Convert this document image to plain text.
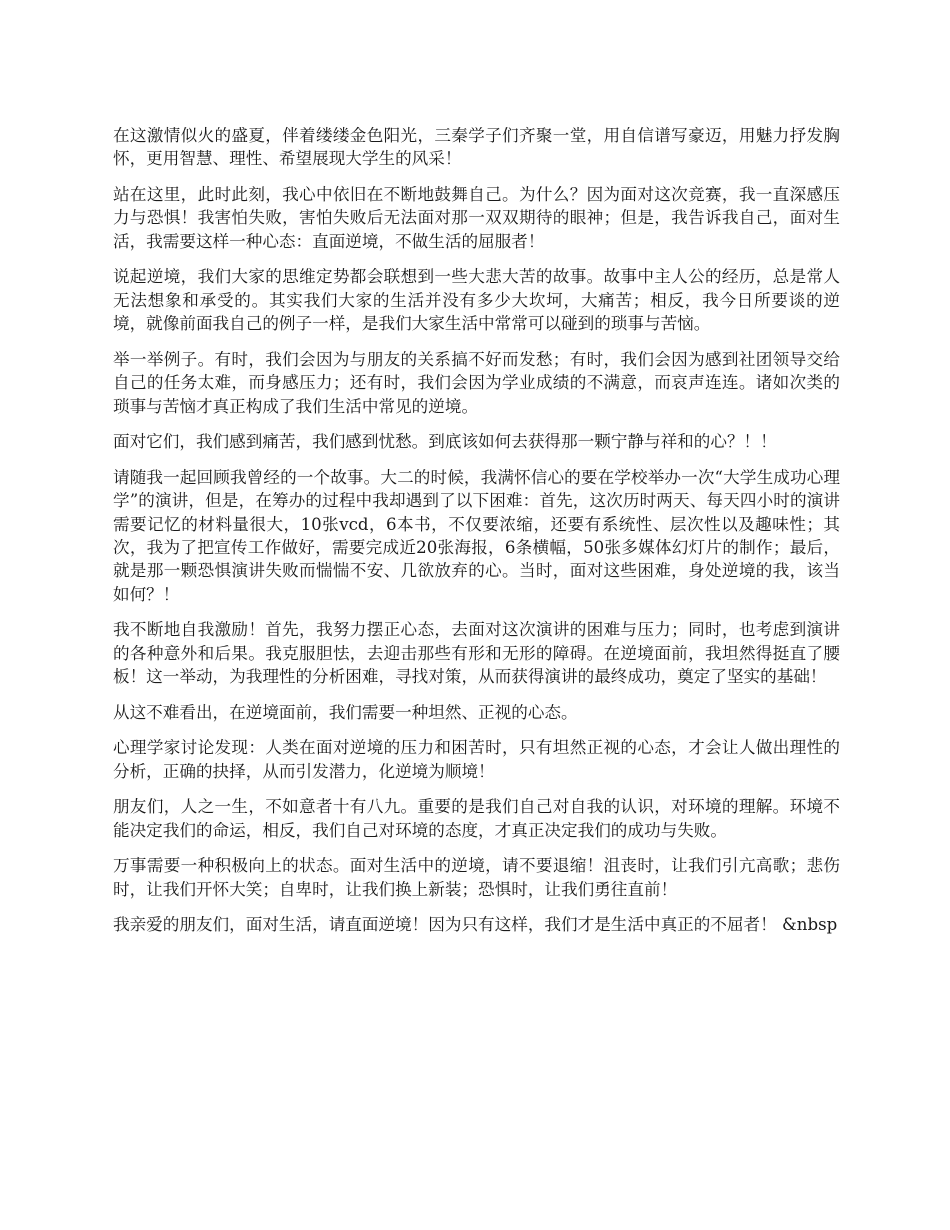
在这激情似火的盛夏，伴着缕缕金色阳光，三秦学子们齐聚一堂，用自信谱写豪迈，用魅力抒发胸怀，更用智慧、理性、希望展现大学生的风采！

站在这里，此时此刻，我心中依旧在不断地鼓舞自己。为什么？因为面对这次竞赛，我一直深感压力与恐惧！我害怕失败，害怕失败后无法面对那一双双期待的眼神；但是，我告诉我自己，面对生活，我需要这样一种心态：直面逆境，不做生活的屈服者！

说起逆境，我们大家的思维定势都会联想到一些大悲大苦的故事。故事中主人公的经历，总是常人无法想象和承受的。其实我们大家的生活并没有多少大坎坷，大痛苦；相反，我今日所要谈的逆境，就像前面我自己的例子一样，是我们大家生活中常常可以碰到的琐事与苦恼。

举一举例子。有时，我们会因为与朋友的关系搞不好而发愁；有时，我们会因为感到社团领导交给自己的任务太难，而身感压力；还有时，我们会因为学业成绩的不满意，而哀声连连。诸如次类的琐事与苦恼才真正构成了我们生活中常见的逆境。

面对它们，我们感到痛苦，我们感到忧愁。到底该如何去获得那一颗宁静与祥和的心？！！

请随我一起回顾我曾经的一个故事。大二的时候，我满怀信心的要在学校举办一次“大学生成功心理学”的演讲，但是，在筹办的过程中我却遇到了以下困难：首先，这次历时两天、每天四小时的演讲需要记忆的材料量很大，10张vcd，6本书，不仅要浓缩，还要有系统性、层次性以及趣味性；其次，我为了把宣传工作做好，需要完成近20张海报，6条横幅，50张多媒体幻灯片的制作；最后，就是那一颗恐惧演讲失败而惴惴不安、几欲放弃的心。当时，面对这些困难，身处逆境的我，该当如何？！

我不断地自我激励！首先，我努力摆正心态，去面对这次演讲的困难与压力；同时，也考虑到演讲的各种意外和后果。我克服胆怯，去迎击那些有形和无形的障碍。在逆境面前，我坦然得挺直了腰板！这一举动，为我理性的分析困难，寻找对策，从而获得演讲的最终成功，奠定了坚实的基础！

从这不难看出，在逆境面前，我们需要一种坦然、正视的心态。

心理学家讨论发现：人类在面对逆境的压力和困苦时，只有坦然正视的心态，才会让人做出理性的分析，正确的抉择，从而引发潜力，化逆境为顺境！

朋友们，人之一生，不如意者十有八九。重要的是我们自己对自我的认识，对环境的理解。环境不能决定我们的命运，相反，我们自己对环境的态度，才真正决定我们的成功与失败。

万事需要一种积极向上的状态。面对生活中的逆境，请不要退缩！沮丧时，让我们引亢高歌；悲伤时，让我们开怀大笑；自卑时，让我们换上新装；恐惧时，让我们勇往直前！

我亲爱的朋友们，面对生活，请直面逆境！因为只有这样，我们才是生活中真正的不屈者！ &nbsp
